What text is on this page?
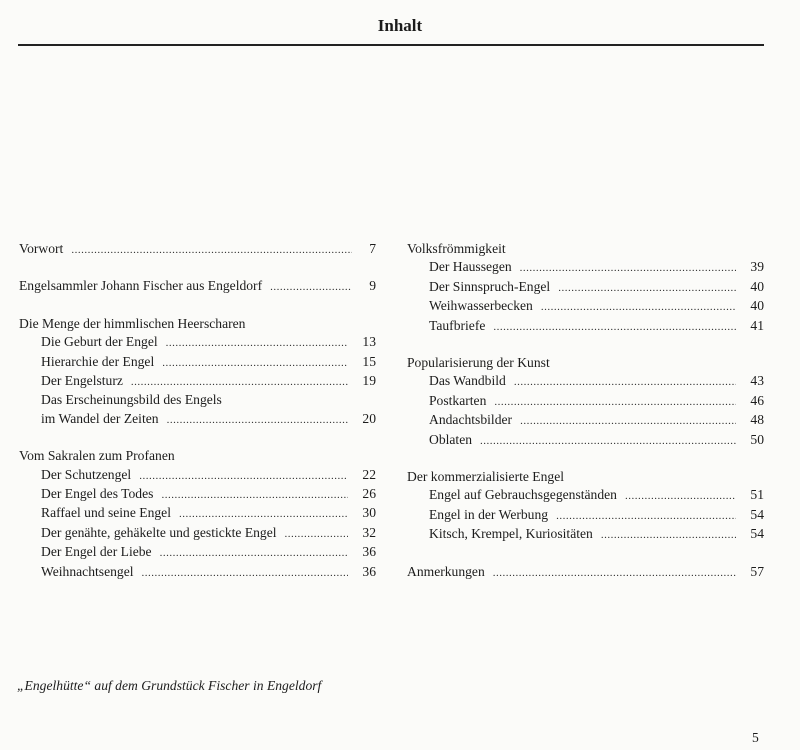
Inhalt
Vorwort .....	7
Engelsammler Johann Fischer aus Engeldorf .....	9
Die Menge der himmlischen Heerscharen
Die Geburt der Engel .....	13
Hierarchie der Engel .....	15
Der Engelsturz .....	19
Das Erscheinungsbild des Engels
im Wandel der Zeiten .....	20
Vom Sakralen zum Profanen
Der Schutzengel .....	22
Der Engel des Todes .....	26
Raffael und seine Engel .....	30
Der genähte, gehäkelte und gestickte Engel .....	32
Der Engel der Liebe .....	36
Weihnachtsengel .....	36
Volksfrömmigkeit
Der Haussegen .....	39
Der Sinnspruch-Engel .....	40
Weihwasserbecken .....	40
Taufbriefe .....	41
Popularisierung der Kunst
Das Wandbild .....	43
Postkarten .....	46
Andachtsbilder .....	48
Oblaten .....	50
Der kommerzialisierte Engel
Engel auf Gebrauchsgegenständen .....	51
Engel in der Werbung .....	54
Kitsch, Krempel, Kuriositäten .....	54
Anmerkungen .....	57
„Engelhütte“ auf dem Grundstück Fischer in Engeldorf
5
